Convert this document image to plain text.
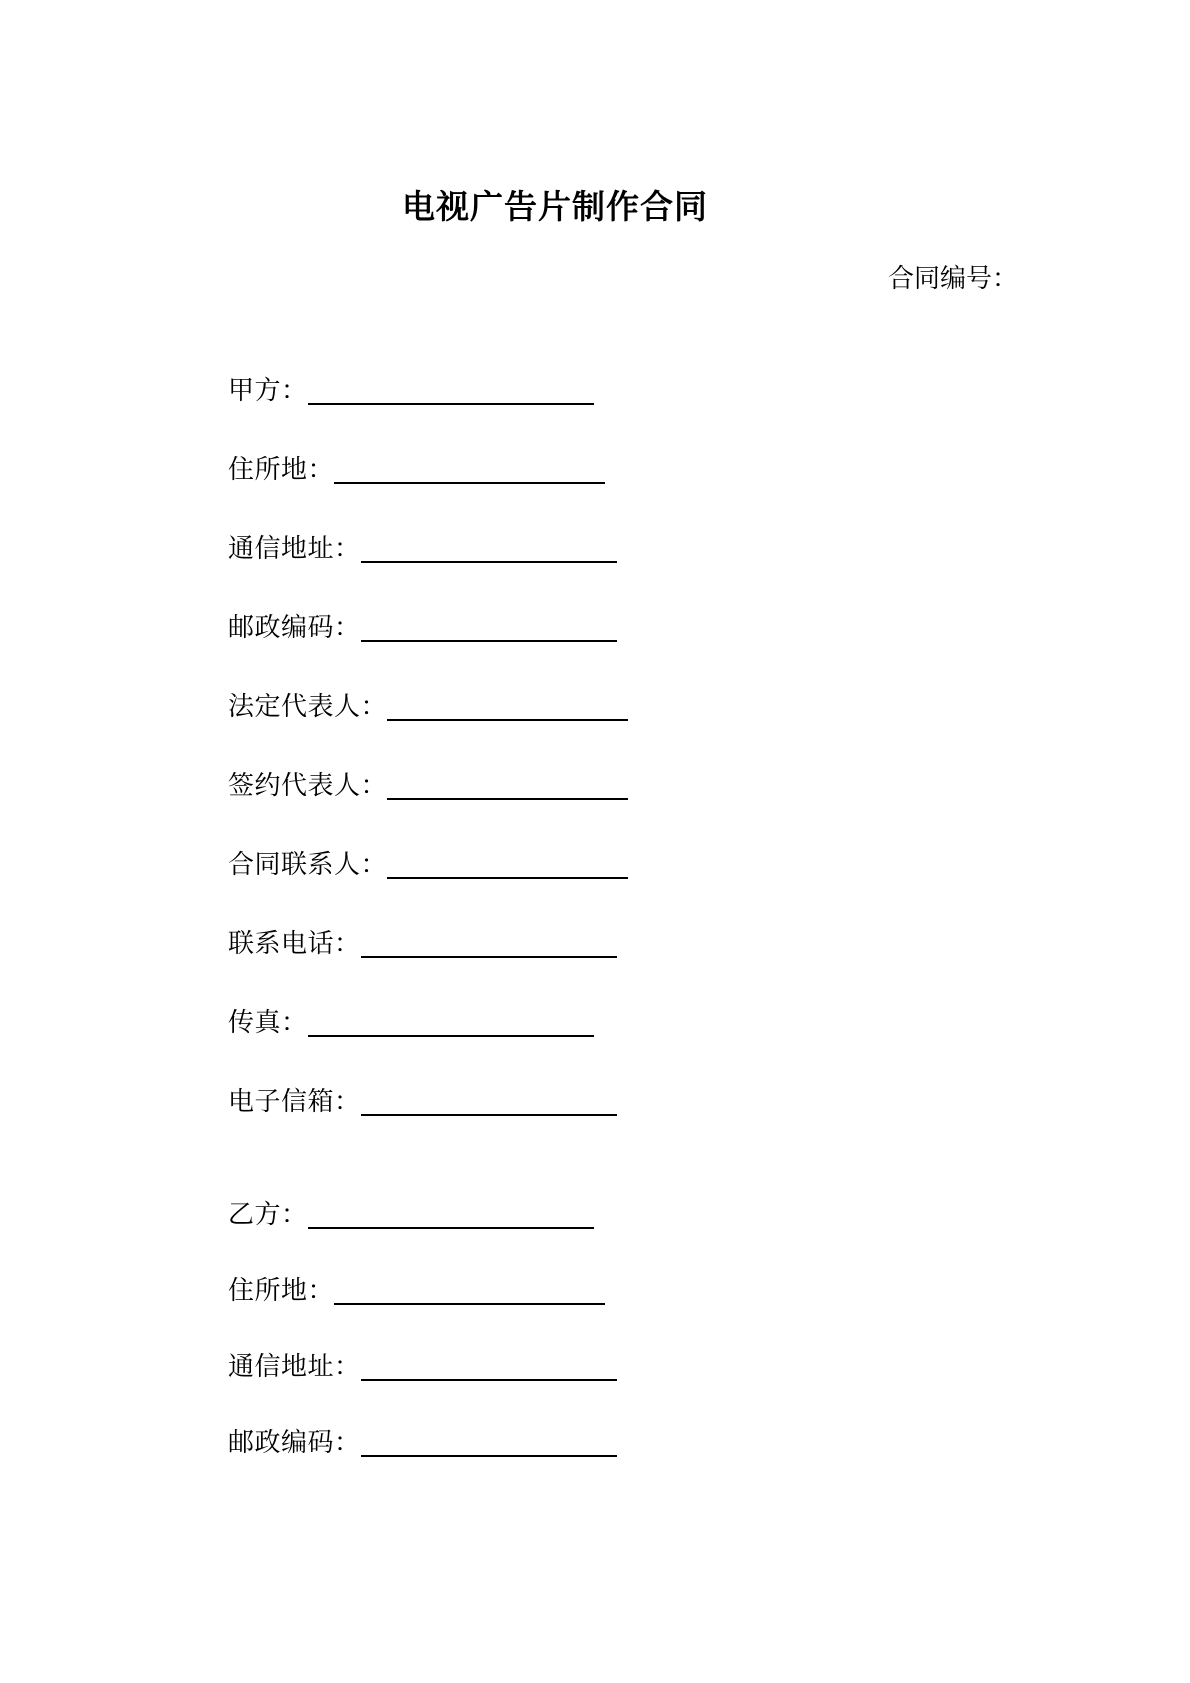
电视广告片制作合同
合同编号：
甲方：
住所地：
通信地址：
邮政编码：
法定代表人：
签约代表人：
合同联系人：
联系电话：
传真：
电子信箱：
乙方：
住所地：
通信地址：
邮政编码：
